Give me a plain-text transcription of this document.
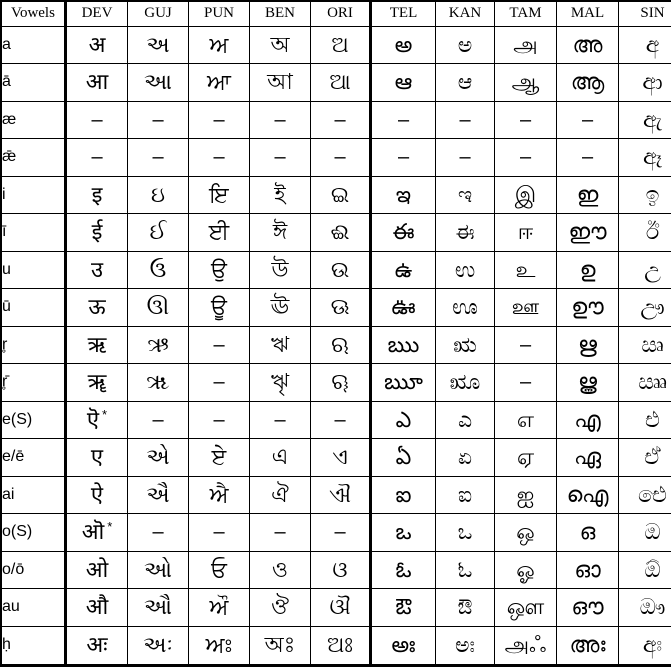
Vowels	DEV	GUJ	PUN	BEN	ORI	TEL	KAN	TAM	MAL	SIN
a	अ	અ	ਅ	অ	ଅ	అ	ಅ	அ	അ	අ
ā	आ	આ	ਆ	আ	ଆ	ఆ	ಆ	ஆ	ആ	ආ
æ	–	–	–	–	–	–	–	–	–	ඇ
ǣ	–	–	–	–	–	–	–	–	–	ඈ
i	इ	ઇ	ਇ	ই	ଇ	ఇ	ಇ	இ	ഇ	ඉ
ī	ई	ઈ	ਈ	ঈ	ଈ	ఈ	ಈ	ஈ	ഈ	ඊ
u	उ	ઉ	ਉ	উ	ଉ	ఉ	ಉ	உ	ഉ	උ
ū	ऊ	ઊ	ਊ	ঊ	ଊ	ఊ	ಊ	ஊ	ഊ	ඌ
r̥	ऋ	ઋ	–	ঋ	ଋ	ఋ	ಋ	–	ഋ	ඍ
r̥̄	ॠ	ૠ	–	ৠ	ୠ	ౠ	ೠ	–	ൠ	ඎ
e(S)	ऎ *	–	–	–	–	ఎ	ಎ	எ	എ	එ
e/ē	ए	એ	ਏ	এ	ଏ	ఏ	ಏ	ஏ	ഏ	ඒ
ai	ऐ	ઐ	ਐ	ঐ	ଐ	ఐ	ಐ	ஐ	ഐ	ඓ
o(S)	ऒ *	–	–	–	–	ఒ	ಒ	ஒ	ഒ	ඔ
o/ō	ओ	ઓ	ਓ	ও	ଓ	ఓ	ಓ	ஓ	ഓ	ඕ
au	औ	ઔ	ਔ	ঔ	ଔ	ఔ	ಔ	ஔ	ഔ	ඖ
ḥ	अः	અઃ	ਅਃ	অঃ	ଅଃ	అః	ಅಃ	அஃ	അഃ	අඃ
